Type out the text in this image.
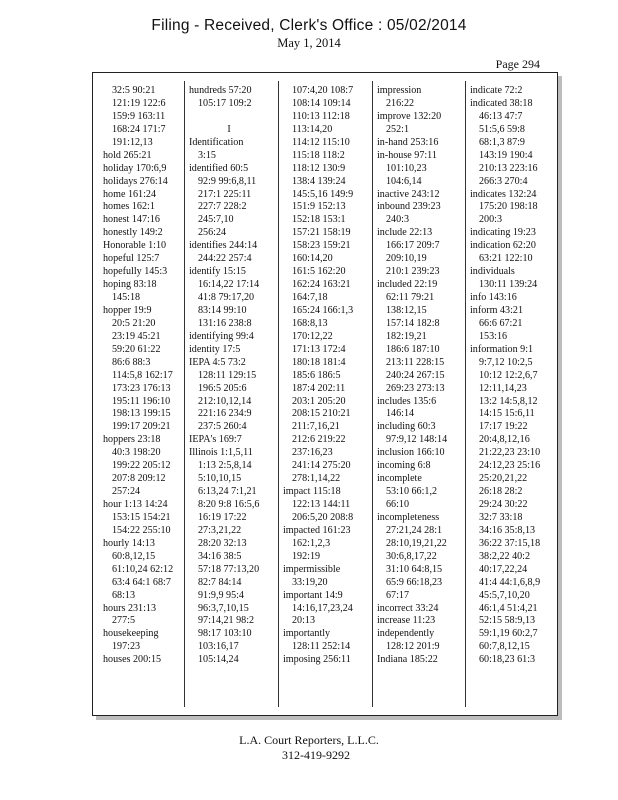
Filing - Received, Clerk's Office : 05/02/2014
May 1, 2014
Page 294
32:5 90:21
121:19 122:6
159:9 163:11
168:24 171:7
191:12,13
hold 265:21
holiday 170:6,9
holidays 276:14
home 161:24
homes 162:1
honest 147:16
honestly 149:2
Honorable 1:10
hopeful 125:7
hopefully 145:3
hoping 83:18
145:18
hopper 19:9
20:5 21:20
23:19 45:21
59:20 61:22
86:6 88:3
114:5,8 162:17
173:23 176:13
195:11 196:10
198:13 199:15
199:17 209:21
hoppers 23:18
40:3 198:20
199:22 205:12
207:8 209:12
257:24
hour 1:13 14:24
153:15 154:21
154:22 255:10
hourly 14:13
60:8,12,15
61:10,24 62:12
63:4 64:1 68:7
68:13
hours 231:13
277:5
housekeeping
197:23
houses 200:15
hundreds 57:20
105:17 109:2
I
Identification
3:15
identified 60:5
92:9 99:6,8,11
217:1 225:11
227:7 228:2
245:7,10
256:24
identifies 244:14
244:22 257:4
identify 15:15
16:14,22 17:14
41:8 79:17,20
83:14 99:10
131:16 238:8
identifying 99:4
identity 17:5
IEPA 4:5 73:2
128:11 129:15
196:5 205:6
212:10,12,14
221:16 234:9
237:5 260:4
IEPA's 169:7
Illinois 1:1,5,11
1:13 2:5,8,14
5:10,10,15
6:13,24 7:1,21
8:20 9:8 16:5,6
16:19 17:22
27:3,21,22
28:20 32:13
34:16 38:5
57:18 77:13,20
82:7 84:14
91:9,9 95:4
96:3,7,10,15
97:14,21 98:2
98:17 103:10
103:16,17
105:14,24
107:4,20 108:7
108:14 109:14
110:13 112:18
113:14,20
114:12 115:10
115:18 118:2
118:12 130:9
138:4 139:24
145:5,16 149:9
151:9 152:13
152:18 153:1
157:21 158:19
158:23 159:21
160:14,20
161:5 162:20
162:24 163:21
164:7,18
165:24 166:1,3
168:8,13
170:12,22
171:13 172:4
180:18 181:4
185:6 186:5
187:4 202:11
203:1 205:20
208:15 210:21
211:7,16,21
212:6 219:22
237:16,23
241:14 275:20
278:1,14,22
impact 115:18
122:13 144:11
206:5,20 208:8
impacted 161:23
162:1,2,3
192:19
impermissible
33:19,20
important 14:9
14:16,17,23,24
20:13
importantly
128:11 252:14
imposing 256:11
impression
216:22
improve 132:20
252:1
in-hand 253:16
in-house 97:11
101:10,23
104:6,14
inactive 243:12
inbound 239:23
240:3
include 22:13
166:17 209:7
209:10,19
210:1 239:23
included 22:19
62:11 79:21
138:12,15
157:14 182:8
182:19,21
186:6 187:10
213:11 228:15
240:24 267:15
269:23 273:13
includes 135:6
146:14
including 60:3
97:9,12 148:14
inclusion 166:10
incoming 6:8
incomplete
53:10 66:1,2
66:10
incompleteness
27:21,24 28:1
28:10,19,21,22
30:6,8,17,22
31:10 64:8,15
65:9 66:18,23
67:17
incorrect 33:24
increase 11:23
independently
128:12 201:9
Indiana 185:22
indicate 72:2
indicated 38:18
46:13 47:7
51:5,6 59:8
68:1,3 87:9
143:19 190:4
210:13 223:16
266:3 270:4
indicates 132:24
175:20 198:18
200:3
indicating 19:23
indication 62:20
63:21 122:10
individuals
130:11 139:24
info 143:16
inform 43:21
66:6 67:21
153:16
information 9:1
9:7,12 10:2,5
10:12 12:2,6,7
12:11,14,23
13:2 14:5,8,12
14:15 15:6,11
17:17 19:22
20:4,8,12,16
21:22,23 23:10
24:12,23 25:16
25:20,21,22
26:18 28:2
29:24 30:22
32:7 33:18
34:16 35:8,13
36:22 37:15,18
38:2,22 40:2
40:17,22,24
41:4 44:1,6,8,9
45:5,7,10,20
46:1,4 51:4,21
52:15 58:9,13
59:1,19 60:2,7
60:7,8,12,15
60:18,23 61:3
L.A. Court Reporters, L.L.C.
312-419-9292
